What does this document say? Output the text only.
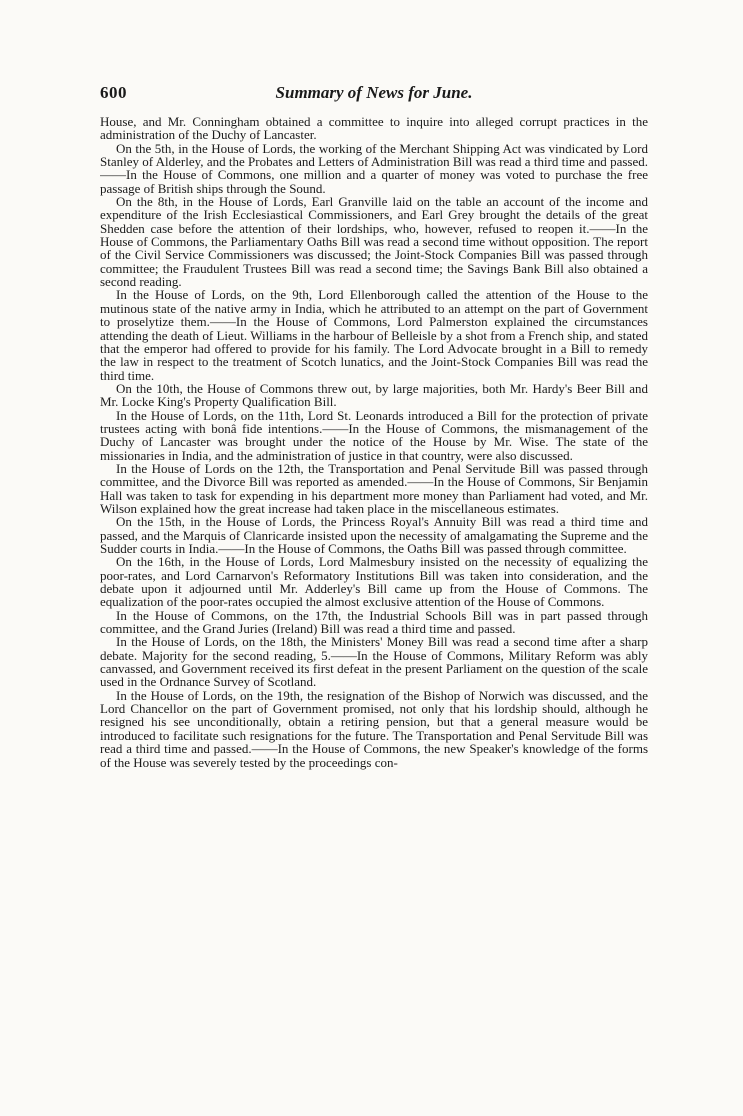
600	Summary of News for June.

House, and Mr. Conningham obtained a committee to inquire into alleged corrupt practices in the administration of the Duchy of Lancaster.

On the 5th, in the House of Lords, the working of the Merchant Shipping Act was vindicated by Lord Stanley of Alderley, and the Probates and Letters of Administration Bill was read a third time and passed.——In the House of Commons, one million and a quarter of money was voted to purchase the free passage of British ships through the Sound.

On the 8th, in the House of Lords, Earl Granville laid on the table an account of the income and expenditure of the Irish Ecclesiastical Commissioners, and Earl Grey brought the details of the great Shedden case before the attention of their lordships, who, however, refused to reopen it.——In the House of Commons, the Parliamentary Oaths Bill was read a second time without opposition. The report of the Civil Service Commissioners was discussed; the Joint-Stock Companies Bill was passed through committee; the Fraudulent Trustees Bill was read a second time; the Savings Bank Bill also obtained a second reading.

In the House of Lords, on the 9th, Lord Ellenborough called the attention of the House to the mutinous state of the native army in India, which he attributed to an attempt on the part of Government to proselytize them.——In the House of Commons, Lord Palmerston explained the circumstances attending the death of Lieut. Williams in the harbour of Belleisle by a shot from a French ship, and stated that the emperor had offered to provide for his family. The Lord Advocate brought in a Bill to remedy the law in respect to the treatment of Scotch lunatics, and the Joint-Stock Companies Bill was read the third time.

On the 10th, the House of Commons threw out, by large majorities, both Mr. Hardy's Beer Bill and Mr. Locke King's Property Qualification Bill.

In the House of Lords, on the 11th, Lord St. Leonards introduced a Bill for the protection of private trustees acting with bonâ fide intentions.——In the House of Commons, the mismanagement of the Duchy of Lancaster was brought under the notice of the House by Mr. Wise. The state of the missionaries in India, and the administration of justice in that country, were also discussed.

In the House of Lords on the 12th, the Transportation and Penal Servitude Bill was passed through committee, and the Divorce Bill was reported as amended.——In the House of Commons, Sir Benjamin Hall was taken to task for expending in his department more money than Parliament had voted, and Mr. Wilson explained how the great increase had taken place in the miscellaneous estimates.

On the 15th, in the House of Lords, the Princess Royal's Annuity Bill was read a third time and passed, and the Marquis of Clanricarde insisted upon the necessity of amalgamating the Supreme and the Sudder courts in India.——In the House of Commons, the Oaths Bill was passed through committee.

On the 16th, in the House of Lords, Lord Malmesbury insisted on the necessity of equalizing the poor-rates, and Lord Carnarvon's Reformatory Institutions Bill was taken into consideration, and the debate upon it adjourned until Mr. Adderley's Bill came up from the House of Commons. The equalization of the poor-rates occupied the almost exclusive attention of the House of Commons.

In the House of Commons, on the 17th, the Industrial Schools Bill was in part passed through committee, and the Grand Juries (Ireland) Bill was read a third time and passed.

In the House of Lords, on the 18th, the Ministers' Money Bill was read a second time after a sharp debate. Majority for the second reading, 5.——In the House of Commons, Military Reform was ably canvassed, and Government received its first defeat in the present Parliament on the question of the scale used in the Ordnance Survey of Scotland.

In the House of Lords, on the 19th, the resignation of the Bishop of Norwich was discussed, and the Lord Chancellor on the part of Government promised, not only that his lordship should, although he resigned his see unconditionally, obtain a retiring pension, but that a general measure would be introduced to facilitate such resignations for the future. The Transportation and Penal Servitude Bill was read a third time and passed.——In the House of Commons, the new Speaker's knowledge of the forms of the House was severely tested by the proceedings con-
